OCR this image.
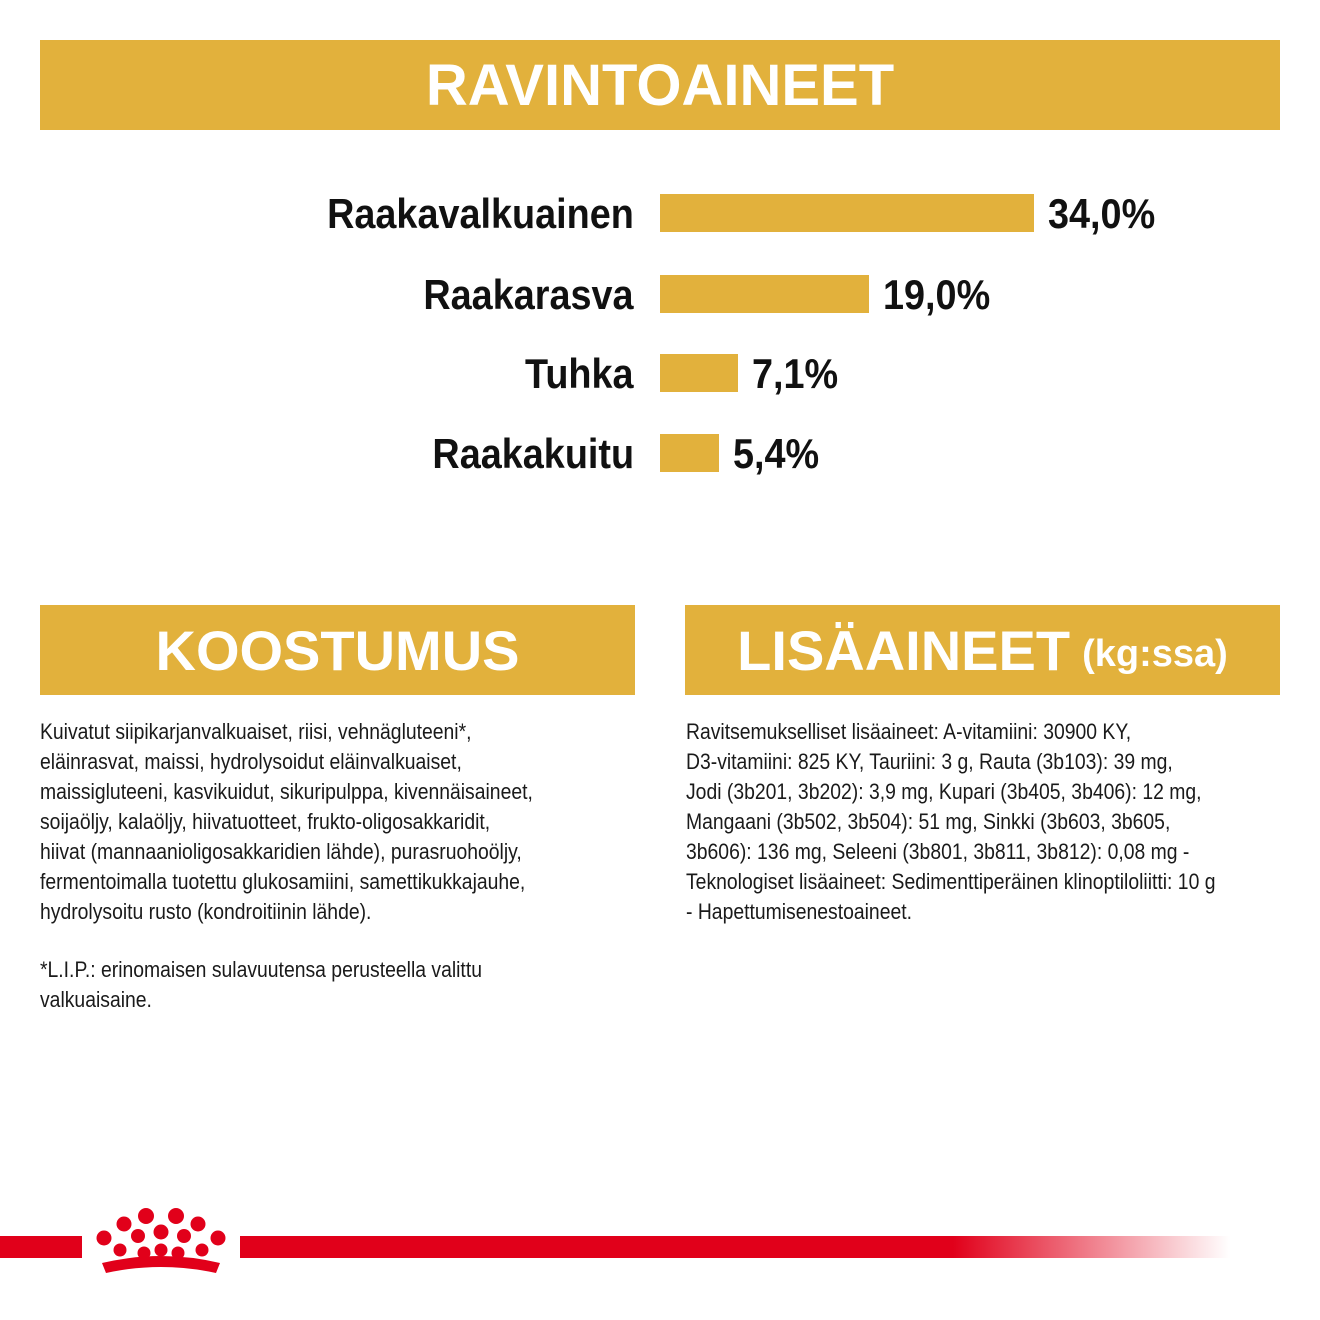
RAVINTOAINEET
Raakavalkuainen	34,0%
Raakarasva	19,0%
Tuhka	7,1%
Raakakuitu 5,4%
KOOSTUMUS	LISÄAINEET (kg:ssa)

Kuivatut siipikarjanvalkuaiset, riisi, vehnägluteeni*,

eläinrasvat, maissi, hydrolysoidut eläinvalkuaiset,

maissigluteeni, kasvikuidut, sikuripulppa, kivennäisaineet,

soijaöljy, kalaöljy, hiivatuotteet, frukto-oligosakkaridit,

hiivat (mannaanioligosakkaridien lähde), purasruohoöljy,

fermentoimalla tuotettu glukosamiini, samettikukkajauhe,

hydrolysoitu rusto (kondroitiinin lähde).

*L.I.P.: erinomaisen sulavuutensa perusteella valittu

valkuaisaine.

Ravitsemukselliset lisäaineet: A-vitamiini: 30900 KY,

D3-vitamiini: 825 KY, Tauriini: 3 g, Rauta (3b103): 39 mg,

Jodi (3b201, 3b202): 3,9 mg, Kupari (3b405, 3b406): 12 mg,

Mangaani (3b502, 3b504): 51 mg, Sinkki (3b603, 3b605,

3b606): 136 mg, Seleeni (3b801, 3b811, 3b812): 0,08 mg -

Teknologiset lisäaineet: Sedimenttiperäinen klinoptiloliitti: 10 g

- Hapettumisenestoaineet.
